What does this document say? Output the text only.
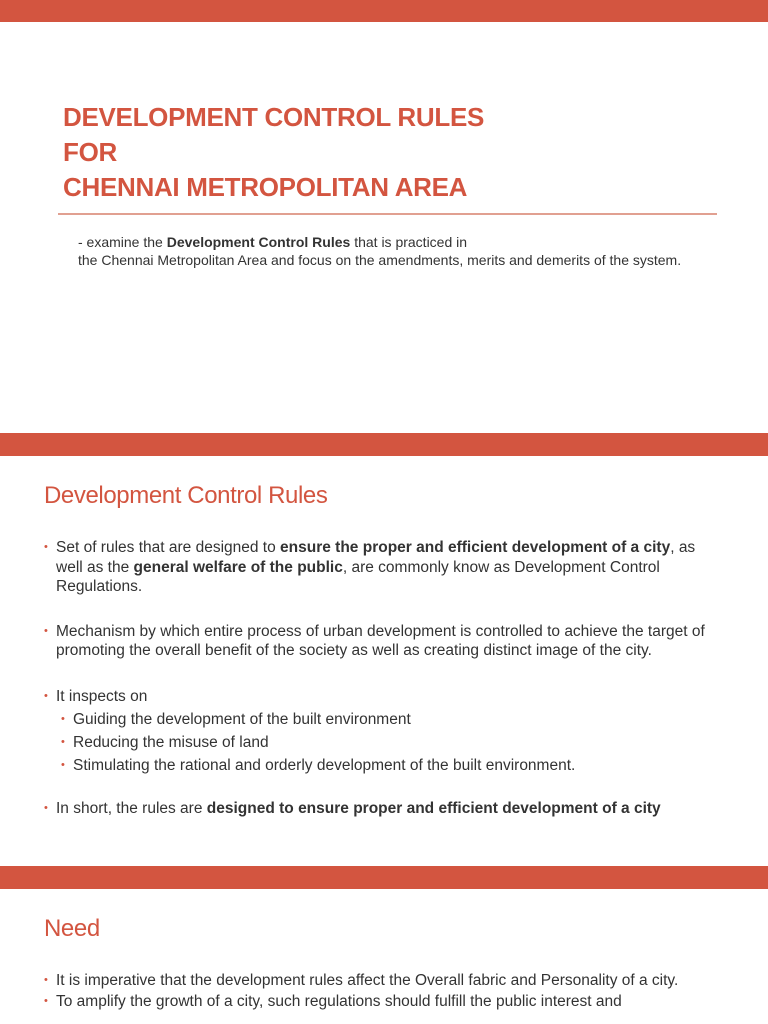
DEVELOPMENT CONTROL RULES
FOR
CHENNAI METROPOLITAN AREA
- examine the Development Control Rules that is practiced in
the Chennai Metropolitan Area and focus on the amendments, merits and demerits of the system.
Development Control Rules
• Set of rules that are designed to ensure the proper and efficient development of a city, as well as the general welfare of the public, are commonly know as Development Control Regulations.
• Mechanism by which entire process of urban development is controlled to achieve the target of promoting the overall benefit of the society as well as creating distinct image of the city.
• It inspects on
• Guiding the development of the built environment
• Reducing the misuse of land
• Stimulating the rational and orderly development of the built environment.
• In short, the rules are designed to ensure proper and efficient development of a city
Need
• It is imperative that the development rules affect the Overall fabric and Personality of a city.
• To amplify the growth of a city, such regulations should fulfill the public interest and
